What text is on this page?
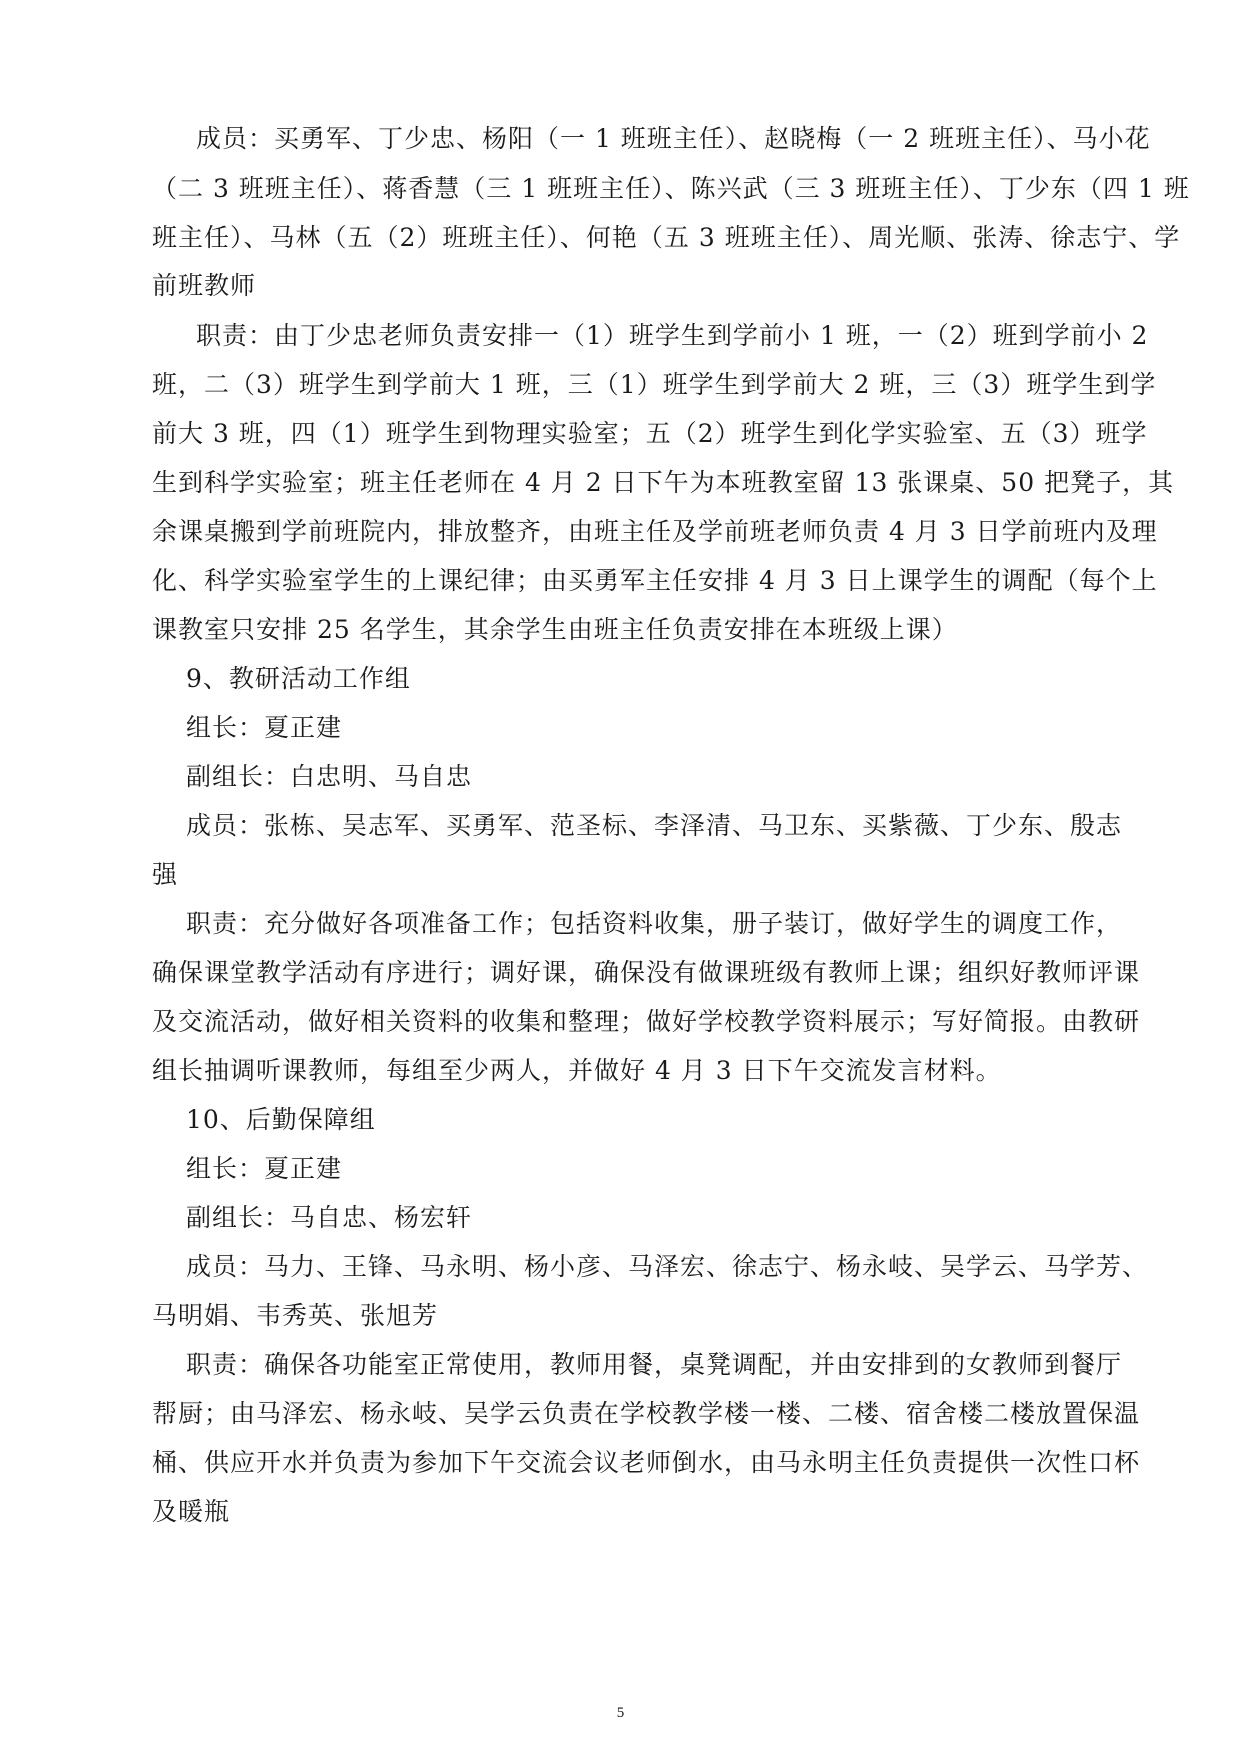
成员：买勇军、丁少忠、杨阳（一 1 班班主任）、赵晓梅（一 2 班班主任）、马小花
（二 3 班班主任）、蒋香慧（三 1 班班主任）、陈兴武（三 3 班班主任）、丁少东（四 1 班
班主任）、马林（五（2）班班主任）、何艳（五 3 班班主任）、周光顺、张涛、徐志宁、学
前班教师
职责：由丁少忠老师负责安排一（1）班学生到学前小 1 班，一（2）班到学前小 2
班，二（3）班学生到学前大 1 班，三（1）班学生到学前大 2 班，三（3）班学生到学
前大 3 班，四（1）班学生到物理实验室；五（2）班学生到化学实验室、五（3）班学
生到科学实验室；班主任老师在 4 月 2 日下午为本班教室留 13 张课桌、50 把凳子，其
余课桌搬到学前班院内，排放整齐，由班主任及学前班老师负责 4 月 3 日学前班内及理
化、科学实验室学生的上课纪律；由买勇军主任安排 4 月 3 日上课学生的调配（每个上
课教室只安排 25 名学生，其余学生由班主任负责安排在本班级上课）
9、教研活动工作组
组长：夏正建
副组长：白忠明、马自忠
成员：张栋、吴志军、买勇军、范圣标、李泽清、马卫东、买紫薇、丁少东、殷志
强
职责：充分做好各项准备工作；包括资料收集，册子装订，做好学生的调度工作，
确保课堂教学活动有序进行；调好课，确保没有做课班级有教师上课；组织好教师评课
及交流活动，做好相关资料的收集和整理；做好学校教学资料展示；写好简报。由教研
组长抽调听课教师，每组至少两人，并做好 4 月 3 日下午交流发言材料。
10、后勤保障组
组长：夏正建
副组长：马自忠、杨宏轩
成员：马力、王锋、马永明、杨小彦、马泽宏、徐志宁、杨永岐、吴学云、马学芳、
马明娟、韦秀英、张旭芳
职责：确保各功能室正常使用，教师用餐，桌凳调配，并由安排到的女教师到餐厅
帮厨；由马泽宏、杨永岐、吴学云负责在学校教学楼一楼、二楼、宿舍楼二楼放置保温
桶、供应开水并负责为参加下午交流会议老师倒水，由马永明主任负责提供一次性口杯
及暖瓶
5
